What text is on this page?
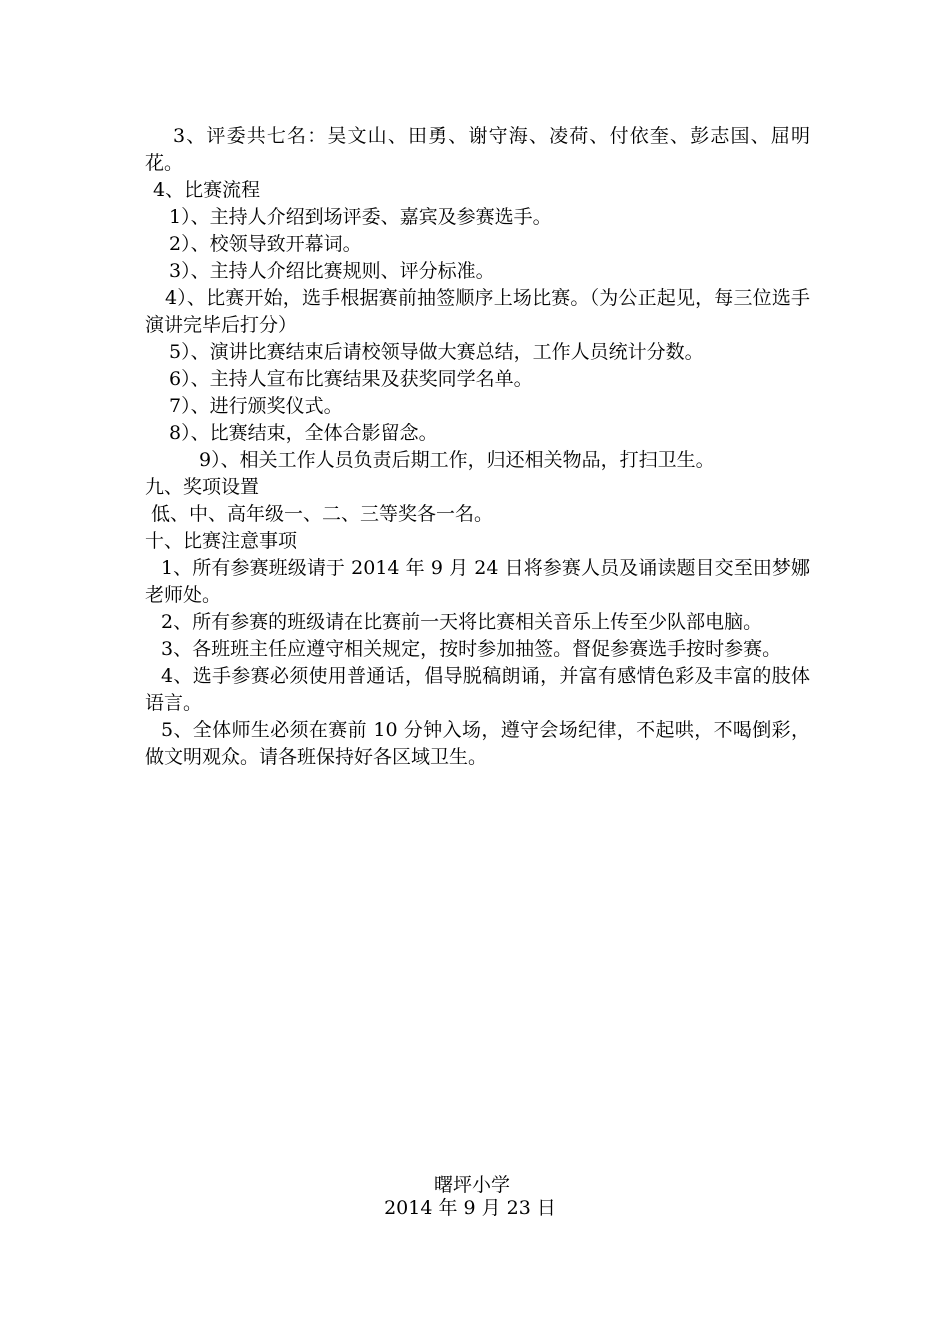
3、评委共七名：吴文山、田勇、谢守海、凌荷、付依奎、彭志国、屈明花。

4、比赛流程

1）、主持人介绍到场评委、嘉宾及参赛选手。

2）、校领导致开幕词。

3）、主持人介绍比赛规则、评分标准。

4）、比赛开始，选手根据赛前抽签顺序上场比赛。（为公正起见，每三位选手演讲完毕后打分）

5）、演讲比赛结束后请校领导做大赛总结，工作人员统计分数。

6）、主持人宣布比赛结果及获奖同学名单。

7）、进行颁奖仪式。

8）、比赛结束，全体合影留念。

9）、相关工作人员负责后期工作，归还相关物品，打扫卫生。

九、奖项设置

低、中、高年级一、二、三等奖各一名。

十、比赛注意事项

1、所有参赛班级请于 2014 年 9 月 24 日将参赛人员及诵读题目交至田梦娜老师处。

2、所有参赛的班级请在比赛前一天将比赛相关音乐上传至少队部电脑。

3、各班班主任应遵守相关规定，按时参加抽签。督促参赛选手按时参赛。

4、选手参赛必须使用普通话，倡导脱稿朗诵，并富有感情色彩及丰富的肢体语言。

5、全体师生必须在赛前 10 分钟入场，遵守会场纪律，不起哄，不喝倒彩，做文明观众。请各班保持好各区域卫生。

曙坪小学
2014 年 9 月 23 日
